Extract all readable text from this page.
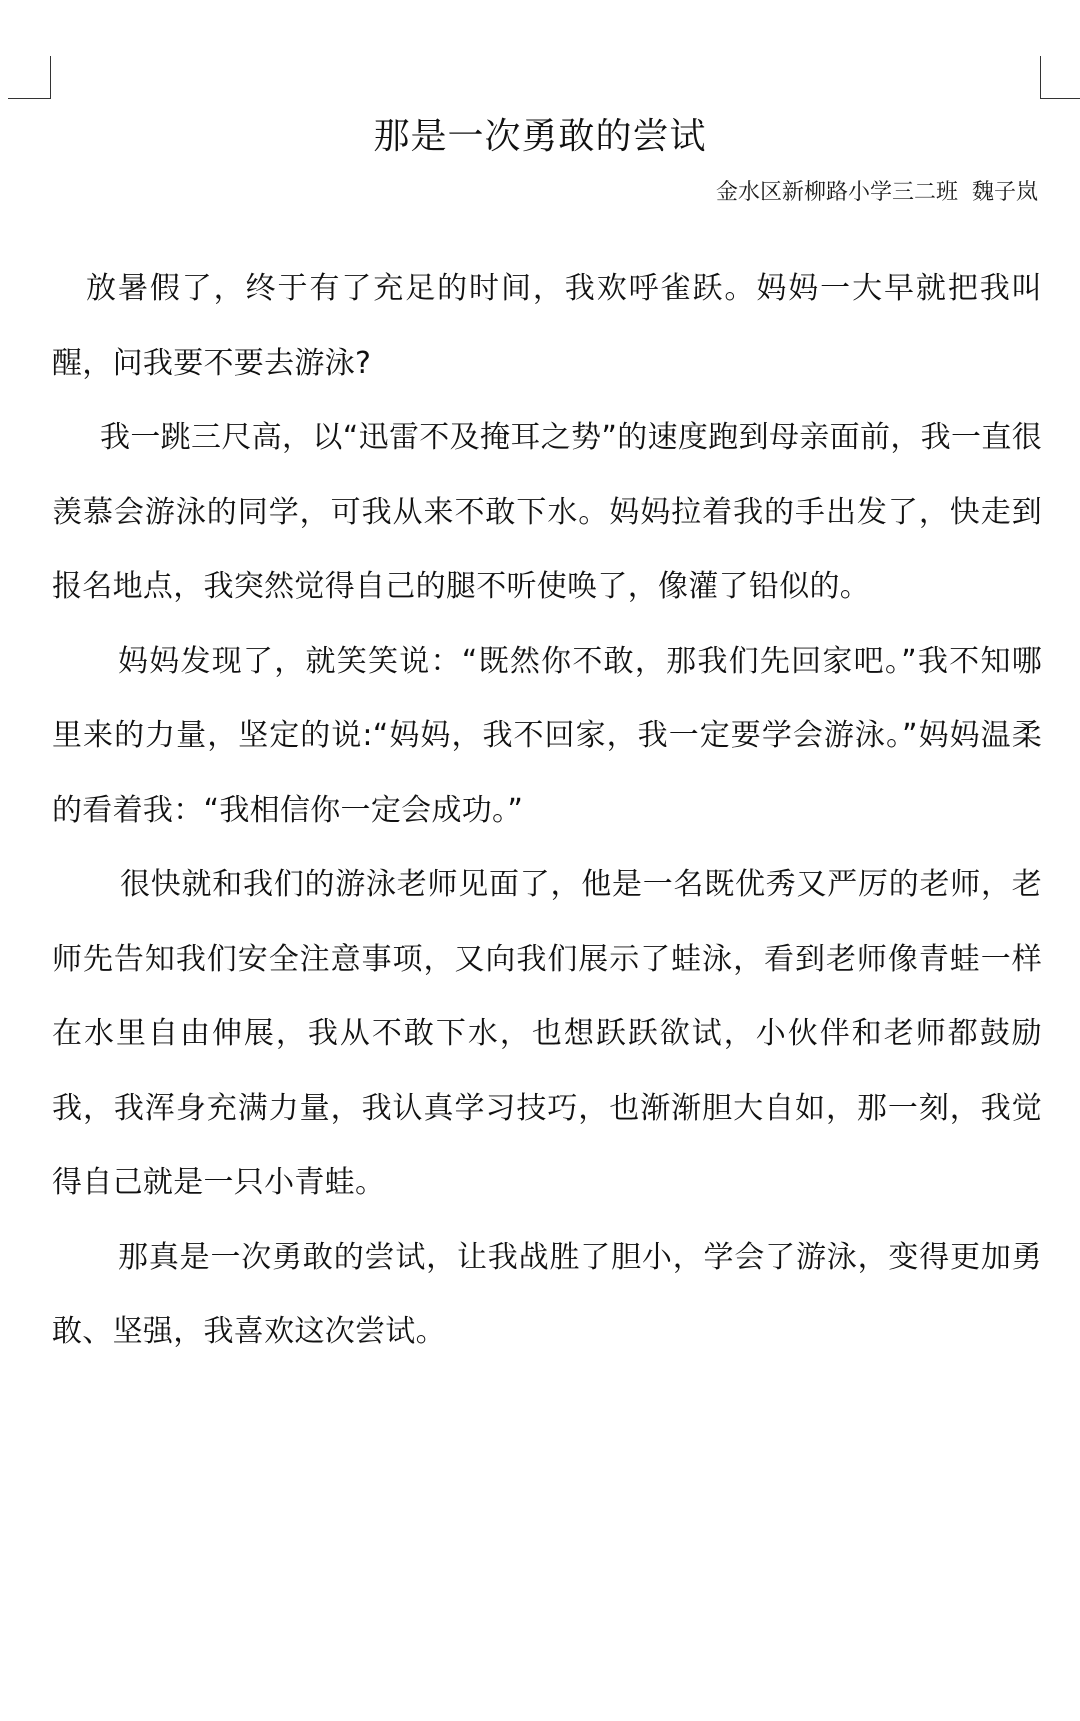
那是一次勇敢的尝试
金水区新柳路小学三二班  魏子岚

放暑假了，终于有了充足的时间，我欢呼雀跃。妈妈一大早就把我叫醒，问我要不要去游泳?

我一跳三尺高，以“迅雷不及掩耳之势”的速度跑到母亲面前，我一直很羡慕会游泳的同学，可我从来不敢下水。妈妈拉着我的手出发了，快走到报名地点，我突然觉得自己的腿不听使唤了，像灌了铅似的。

妈妈发现了，就笑笑说：“既然你不敢，那我们先回家吧。”我不知哪里来的力量，坚定的说:“妈妈，我不回家，我一定要学会游泳。”妈妈温柔的看着我：“我相信你一定会成功。”

很快就和我们的游泳老师见面了，他是一名既优秀又严厉的老师，老师先告知我们安全注意事项，又向我们展示了蛙泳，看到老师像青蛙一样在水里自由伸展，我从不敢下水，也想跃跃欲试，小伙伴和老师都鼓励我，我浑身充满力量，我认真学习技巧，也渐渐胆大自如，那一刻，我觉得自己就是一只小青蛙。

那真是一次勇敢的尝试，让我战胜了胆小，学会了游泳，变得更加勇敢、坚强，我喜欢这次尝试。
